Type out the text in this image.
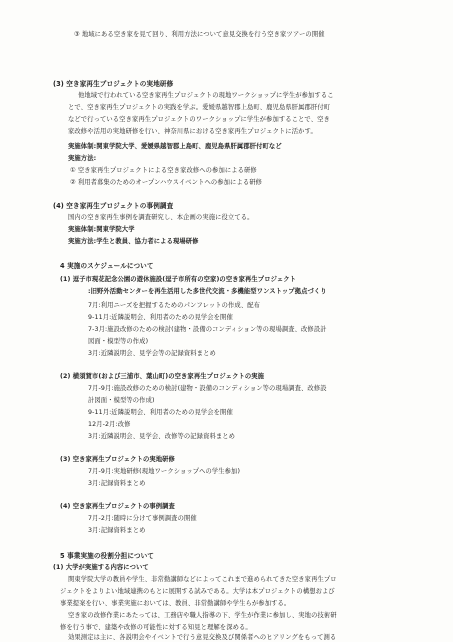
③ 地域にある空き家を見て回り、利用方法について意見交換を行う空き家ツアーの開催
(3) 空き家再生プロジェクトの実地研修
他地域で行われている空き家再生プロジェクトの現地ワークショップに学生が参加するこ
とで、空き家再生プロジェクトの実践を学ぶ。愛媛県越智郡上島町、鹿児島県肝属郡肝付町
などで行っている空き家再生プロジェクトのワークショップに学生が参加することで、空き
家改修や活用の実地研修を行い、神奈川県における空き家再生プロジェクトに活かす。
実施体制:関東学院大学、愛媛県越智郡上島町、鹿児島県肝属郡肝付町など
実施方法:
① 空き家再生プロジェクトによる空き家改修への参加による研修
② 利用者募集のためのオープンハウスイベントへの参加による研修
(4) 空き家再生プロジェクトの事例調査
国内の空き家再生事例を調査研究し、本企画の実施に役立てる。
実施体制:関東学院大学
実施方法:学生と教員、協力者による現場研修
4 実施のスケジュールについて
(1) 逗子市現花記念公園の遊休施設(逗子市所有の空家)の空き家再生プロジェクト
:旧野外活動センターを再生活用した多世代交流・多機能型ワンストップ拠点づくり
7月:利用ニーズを把握するためのパンフレットの作成、配布
9-11月:近隣説明会、利用者のための見学会を開催
7-3月:施設改修のための検討(建物・設備のコンディション等の現場調査、改修設計
図面・模型等の作成)
3月:近隣説明会、見学会等の記録資料まとめ
(2) 横須賀市(および三浦市、葉山町)の空き家再生プロジェクトの実施
7月-9月:施設改修のための検討(建物・設備のコンディション等の現場調査、改修設
計図面・模型等の作成)
9-11月:近隣説明会、利用者のための見学会を開催
12月-2月:改修
3月:近隣説明会、見学会、改修等の記録資料まとめ
(3) 空き家再生プロジェクトの実地研修
7月-9月:実地研修(現地ワークショップへの学生参加)
3月:記録資料まとめ
(4) 空き家再生プロジェクトの事例調査
7月-2月:随時に分けて事例調査の開催
3月:記録資料まとめ
5 事業実施の役割分担について
(1) 大学が実施する内容について
関東学院大学の教員や学生、非常勤講師などによってこれまで進められてきた空き家再生プロ
ジェクトをよりよい地域連携のもとに展開する試みである。大学は本プロジェクトの構想および
事業提案を行い、事業実施においては、教員、非常勤講師や学生らが参加する。
空き家の改修作業にあたっては、工務店や職人指導の下、学生が作業に参加し、実地の技術研
修を行う事で、建築や改修の可能性に対する知見と理解を深める。
効果測定は主に、各説明会やイベントで行う意見交換及び関係者へのヒアリングをもって測る
